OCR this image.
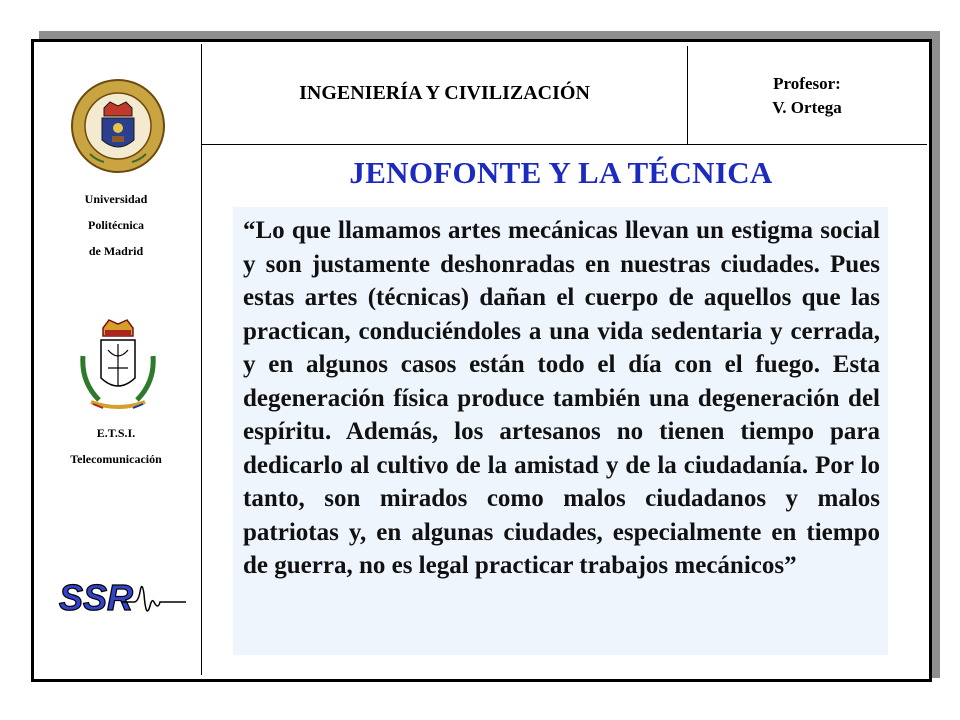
Universidad
Politécnica
de Madrid
E.T.S.I.
Telecomunicación
SSR
INGENIERÍA Y CIVILIZACIÓN	Profesor:
V. Ortega
JENOFONTE Y LA TÉCNICA

“Lo que llamamos artes mecánicas llevan un estigma social y son justamente deshonradas en nuestras ciudades. Pues estas artes (técnicas) dañan el cuerpo de aquellos que las practican, conduciéndoles a una vida sedentaria y cerrada, y en algunos casos están todo el día con el fuego. Esta degeneración física produce también una degeneración del espíritu. Además, los artesanos no tienen tiempo para dedicarlo al cultivo de la amistad y de la ciudadanía. Por lo tanto, son mirados como malos ciudadanos y malos patriotas y, en algunas ciudades, especialmente en tiempo de guerra, no es legal practicar trabajos mecánicos”
